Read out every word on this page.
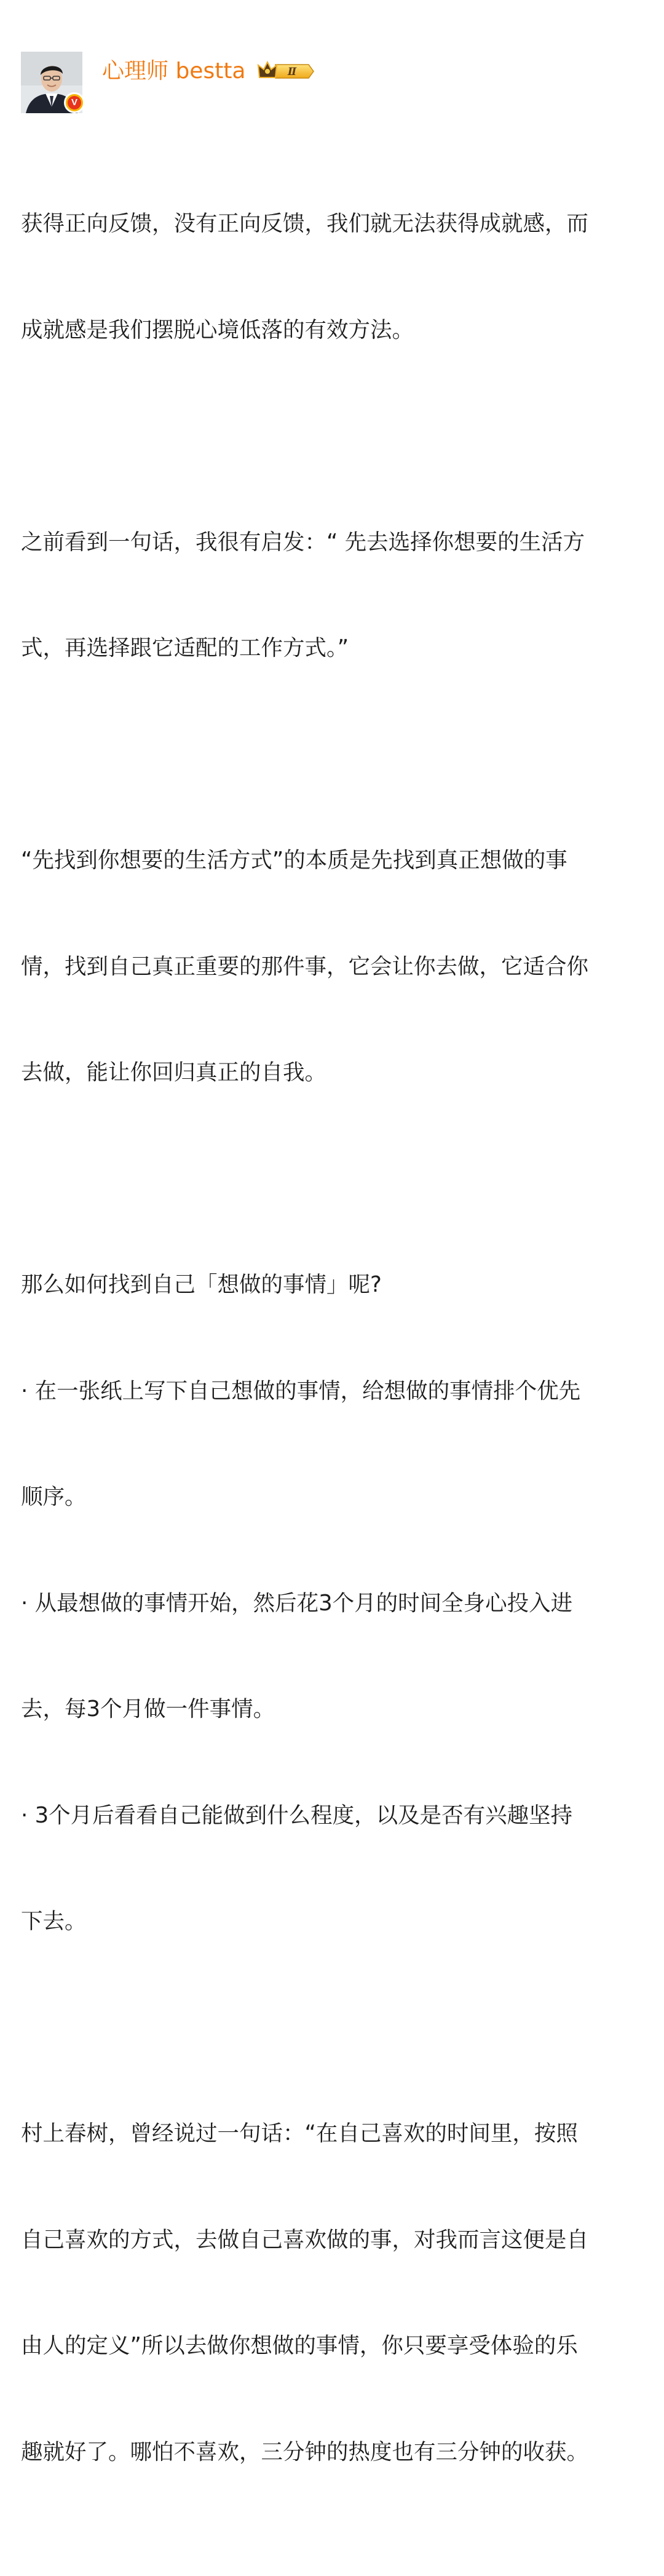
V
心理师 bestta	Ⅱ

获得正向反馈，没有正向反馈，我们就无法获得成就感，而

成就感是我们摆脱心境低落的有效方法。

之前看到一句话，我很有启发：“ 先去选择你想要的生活方

式，再选择跟它适配的工作方式。”

“先找到你想要的生活方式”的本质是先找到真正想做的事

情，找到自己真正重要的那件事，它会让你去做，它适合你

去做，能让你回归真正的自我。

那么如何找到自己「想做的事情」呢?

· 在一张纸上写下自己想做的事情，给想做的事情排个优先

顺序。

· 从最想做的事情开始，然后花3个月的时间全身心投入进

去，每3个月做一件事情。

· 3个月后看看自己能做到什么程度，以及是否有兴趣坚持

下去。

村上春树，曾经说过一句话：“在自己喜欢的时间里，按照

自己喜欢的方式，去做自己喜欢做的事，对我而言这便是自

由人的定义”所以去做你想做的事情，你只要享受体验的乐

趣就好了。哪怕不喜欢，三分钟的热度也有三分钟的收获。
